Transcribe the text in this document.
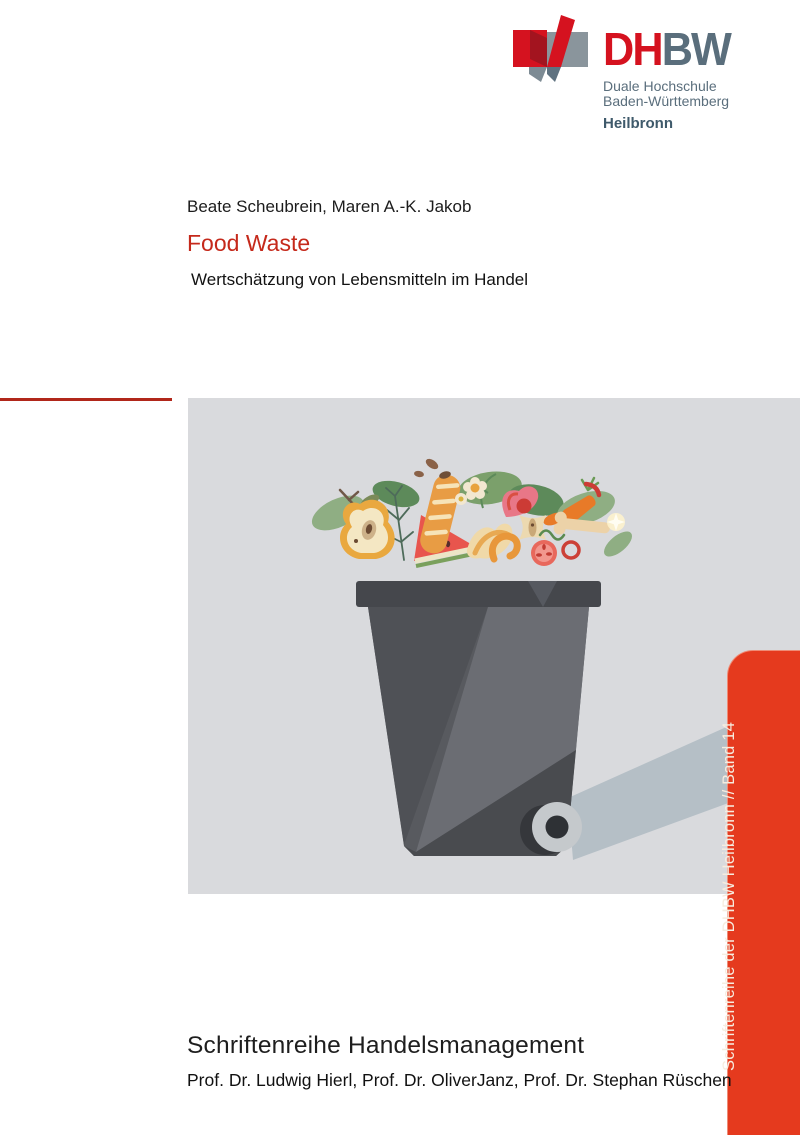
DHBW
Duale Hochschule
Baden-Württemberg
Heilbronn
Beate Scheubrein, Maren A.-K. Jakob
Food Waste
Wertschätzung von Lebensmitteln im Handel
Schriftenreihe der DHBW Heilbronn // Band 14
Schriftenreihe Handelsmanagement
Prof. Dr. Ludwig Hierl, Prof. Dr. OliverJanz, Prof. Dr. Stephan Rüschen
